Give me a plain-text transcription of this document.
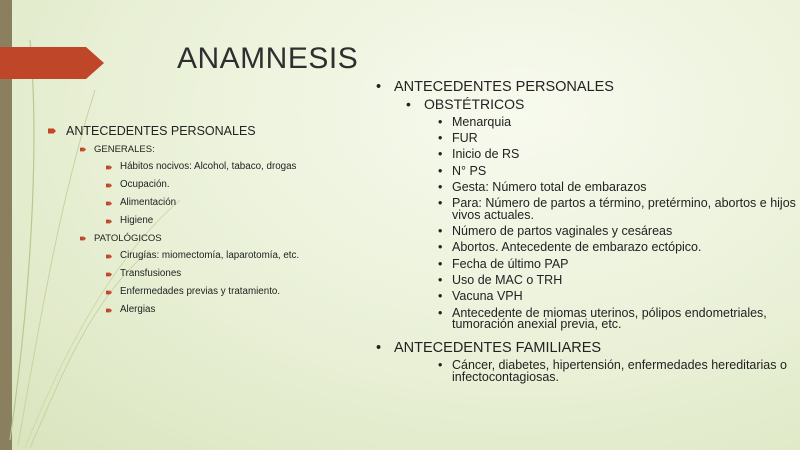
ANAMNESIS
ANTECEDENTES PERSONALES
GENERALES:
Hábitos nocivos: Alcohol, tabaco, drogas
Ocupación.
Alimentación
Higiene
PATOLÓGICOS
Cirugías: miomectomía, laparotomía, etc.
Transfusiones
Enfermedades previas y tratamiento.
Alergias
• ANTECEDENTES PERSONALES
• OBSTÉTRICOS
• Menarquia
• FUR
• Inicio de RS
• N° PS
• Gesta: Número total de embarazos
• Para: Número de partos a término, pretérmino, abortos e hijos vivos actuales.
• Número de partos vaginales y cesáreas
• Abortos. Antecedente de embarazo ectópico.
• Fecha de último PAP
• Uso de MAC o TRH
• Vacuna VPH
• Antecedente de miomas uterinos, pólipos endometriales, tumoración anexial previa, etc.
• ANTECEDENTES FAMILIARES
• Cáncer, diabetes, hipertensión, enfermedades hereditarias o infectocontagiosas.
